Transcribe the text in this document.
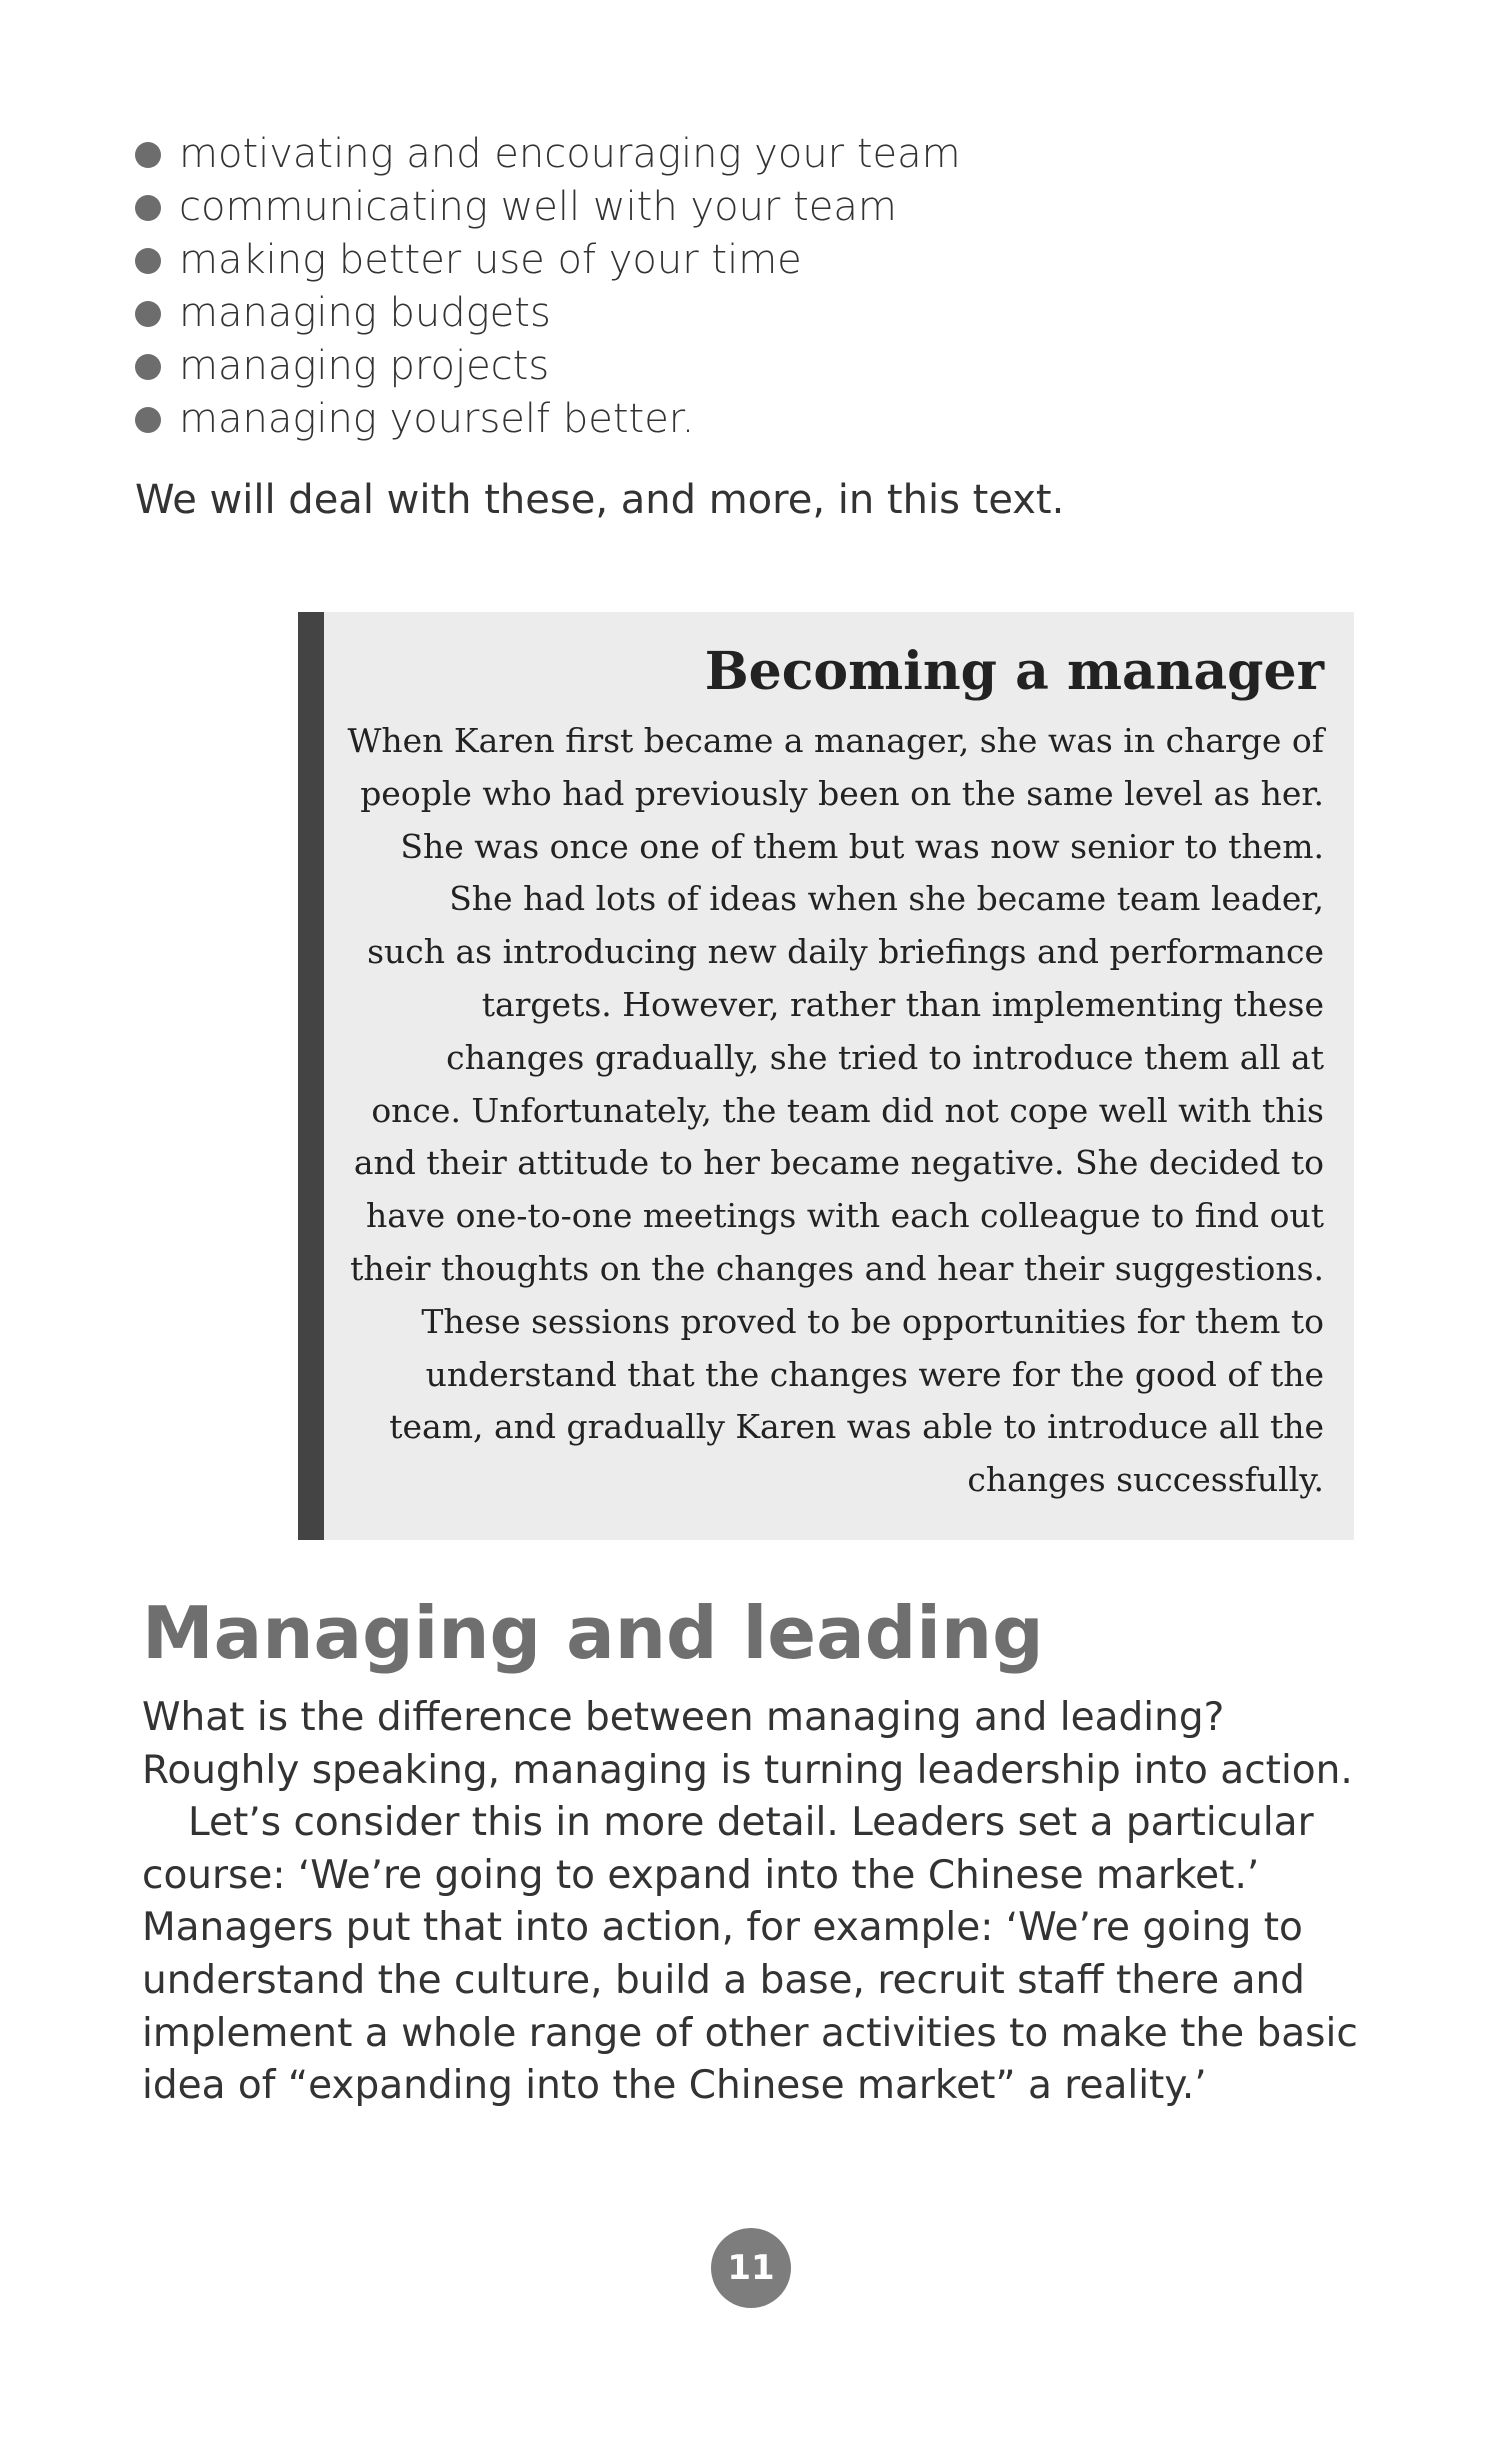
motivating and encouraging your team
communicating well with your team
making better use of your time
managing budgets
managing projects
managing yourself better.
We will deal with these, and more, in this text.
Becoming a manager

When Karen first became a manager, she was in charge of
people who had previously been on the same level as her.
She was once one of them but was now senior to them.
She had lots of ideas when she became team leader,
such as introducing new daily briefings and performance
targets. However, rather than implementing these
changes gradually, she tried to introduce them all at
once. Unfortunately, the team did not cope well with this
and their attitude to her became negative. She decided to
have one-to-one meetings with each colleague to find out
their thoughts on the changes and hear their suggestions.
These sessions proved to be opportunities for them to
understand that the changes were for the good of the
team, and gradually Karen was able to introduce all the
changes successfully.

Managing and leading

What is the difference between managing and leading?
Roughly speaking, managing is turning leadership into action.
Let’s consider this in more detail. Leaders set a particular
course: ‘We’re going to expand into the Chinese market.’
Managers put that into action, for example: ‘We’re going to
understand the culture, build a base, recruit staff there and
implement a whole range of other activities to make the basic
idea of “expanding into the Chinese market” a reality.’

11
